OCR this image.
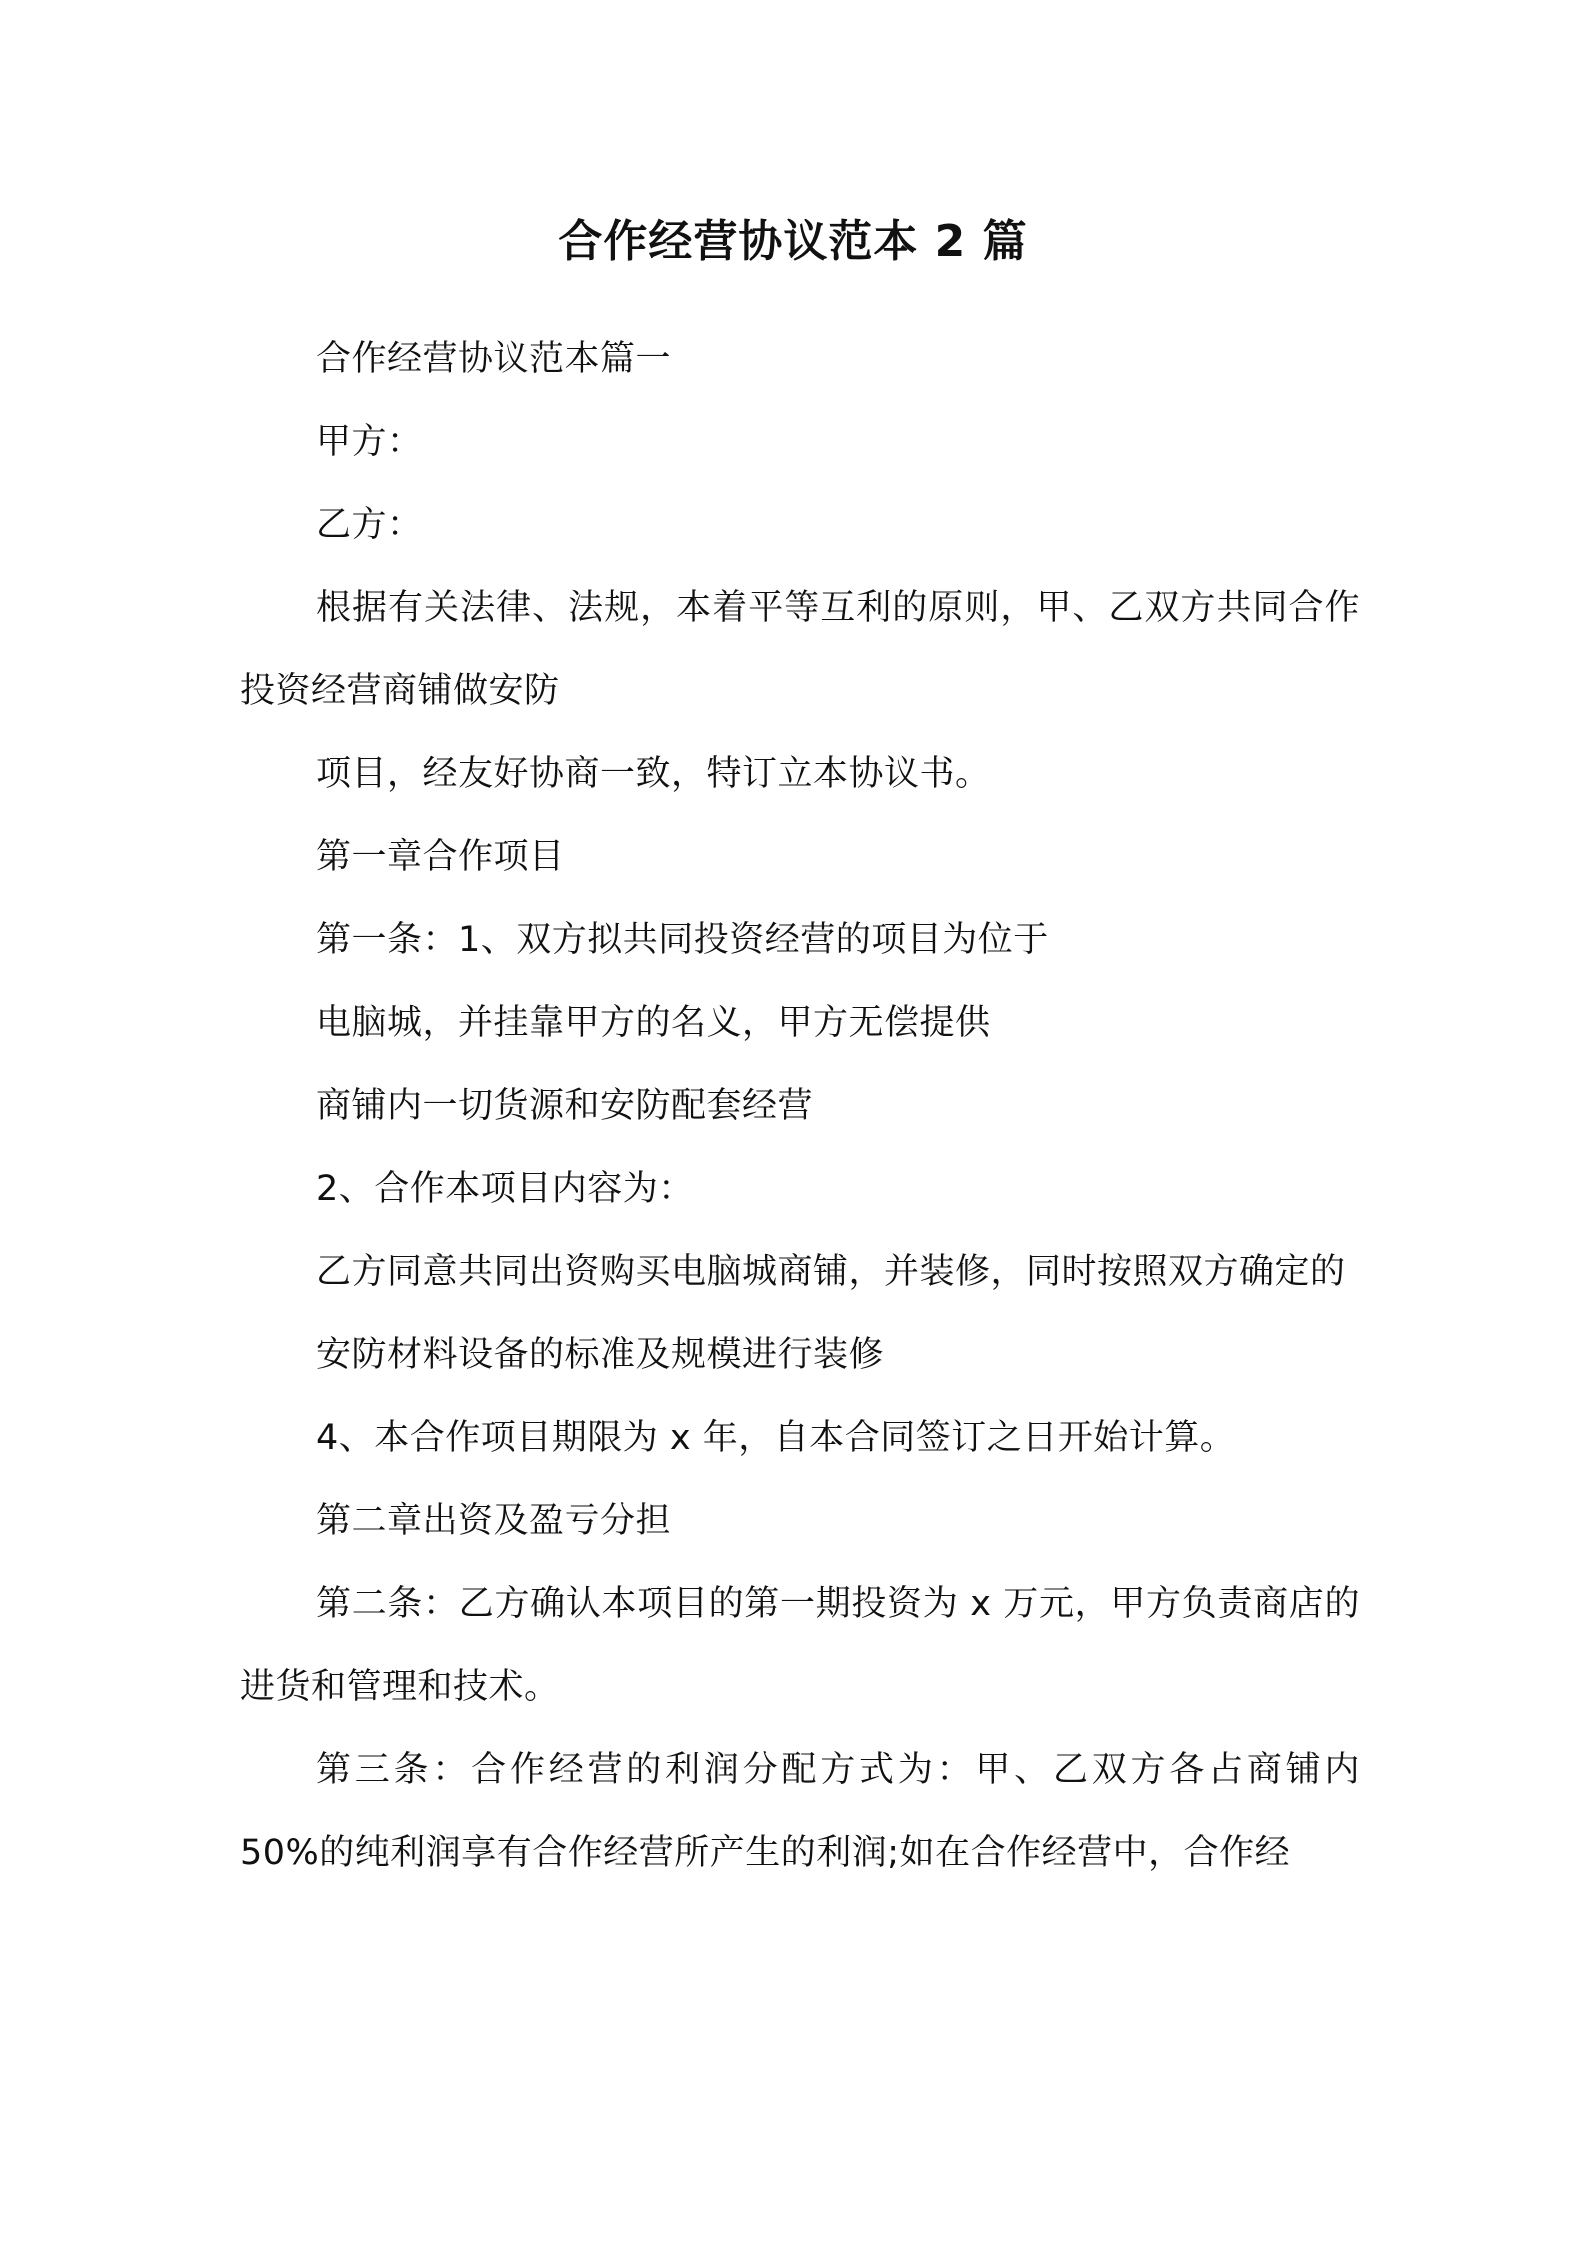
合作经营协议范本 2 篇

合作经营协议范本篇一

甲方：

乙方：

根据有关法律、法规，本着平等互利的原则，甲、乙双方共同合作投资经营商铺做安防

项目，经友好协商一致，特订立本协议书。

第一章合作项目

第一条：1、双方拟共同投资经营的项目为位于

电脑城，并挂靠甲方的名义，甲方无偿提供

商铺内一切货源和安防配套经营

2、合作本项目内容为：

乙方同意共同出资购买电脑城商铺，并装修，同时按照双方确定的

安防材料设备的标准及规模进行装修

4、本合作项目期限为 x 年，自本合同签订之日开始计算。

第二章出资及盈亏分担

第二条：乙方确认本项目的第一期投资为 x 万元，甲方负责商店的进货和管理和技术。

第三条：合作经营的利润分配方式为：甲、乙双方各占商铺内 50%的纯利润享有合作经营所产生的利润;如在合作经营中，合作经
